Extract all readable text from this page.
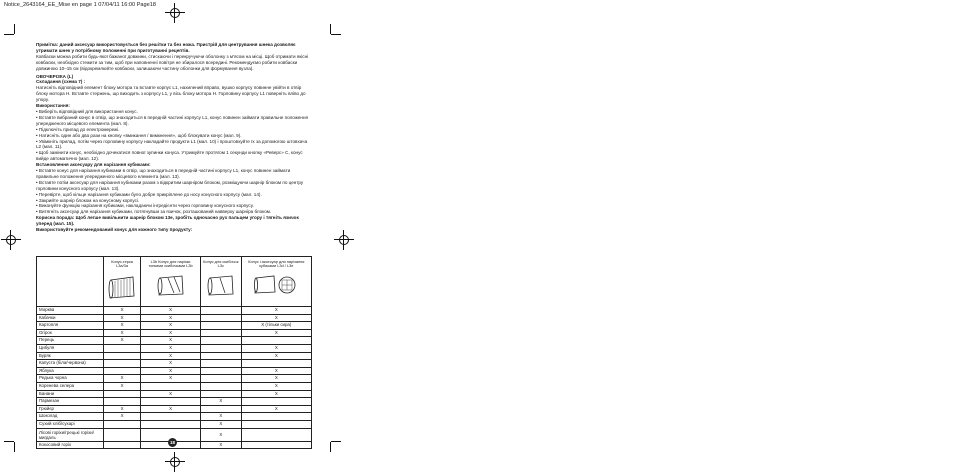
Notice_2643164_EE_Mise en page 1 07/04/11 16:00 Page18

Примітка: даний аксесуар використовується без решітки та без ножа. Пристрій для центрування шнека дозволяє утримати шнек у потрібному положенні при приготуванні рецептів.

Ковбаски можна робити будь-якої бажаної довжини, стискаючи і перекручуючи оболонку з м'ясом на місці. Щоб отримати якісні ковбаски, необхідно стежити за тим, щоб при наповненні повітря не збиралося всередині. Рекомендуємо робити ковбаски довжиною 10–15 см (відокремлюйте ковбаски, залишаючи частину оболонки для формування вузла).

ОВОЧЕРІЗКА (L)

Складання (схема 7) :

Натисніть відповідний елемент блоку мотора та вставте корпус L1, нахилений вправо, вушко корпусу повинне увійти в отвір блоку мотора H. Вставте стержень, що виходить з корпусу L1, у вісь блоку мотора H. Горловину корпусу L1 поверніть вліво до упору.

Використання:

• Виберіть відповідний для використання конус.

• Вставте вибраний конус в отвір, що знаходиться в передній частині корпусу L1, конус повинен займати правильне положення упередженого місцевого елемента (мал. 8).

• Підключіть прилад до електромережі.

• Натисніть один або два рази на кнопку «вмикання / вимкнення», щоб блокувати конус (мал. 9).

• Увімкніть прилад, потім через горловину корпусу накладайте продукти L1 (мал. 10) і проштовхуйте їх за допомогою штовхача L2 (мал. 11).

• Щоб замінити конус, необхідно дочекатися повної зупинки конуса. Утримуйте протягом 1 секунди кнопку «Реверс» C, конус вийде автоматично (мал. 12).

Встановлення аксесуару для нарізання кубиками:

• Вставте конус для нарізання кубиками в отвір, що знаходиться в передній частині корпусу L1, конус повинен займати правильне положення упередженого місцевого елемента (мал. 13).

• Вставте потім аксесуар для нарізання кубиками разом з відкритим шарніром блоком, розміщуючи шарнір блоком по центру горловини конусного корпусу (мал. 13).

• Перевірте, щоб кільце нарізання кубиками було добре прикріплене до носу конусного корпусу (мал. 14).

• Закрийте шарнір блоком на конусному корпусі.

• Виконуйте функцію нарізання кубиками, накладаючи інгредієнти через горловину конусного корпусу.

• Витягніть аксесуар для нарізання кубиками, потягнувши за язичок, розташований навверху шарніра блоком.

Корисна порада: Щоб легше вивільнити шарнір блоком 13е, зробіть одночасно рух пальцем угору і тягніть язичок уперед (мал. 15).

Використовуйте рекомендований конус для кожного типу продукту:

	Конус-терка L3a/3a	L3b Конус для нарізки тонкими скибочками L3b	Конус для скибочок L3c	Конус і аксесуар для нарізання кубиками L3d / L3e

Морква	X	X		X
Кабачки	X	X		X
Картопля	X	X		X (тільки сира)
Огірок	X	X		X
Перець	X	X		
Цибуля		X		X
Буряк		X		X
Капуста (біла/червона)		X		
Яблука		X		X
Редька чорна	X	X		X
Коренева селера	X			X
Банани		X		X
Пармезан			X	
Грюйєр	X	X		X
Шоколад	X		X	
Сухий хліб/сухарі			X	
Лісові горіхи/грецькі горіхи/мигдаль			X	
Кокосовий горіх			X	
18
